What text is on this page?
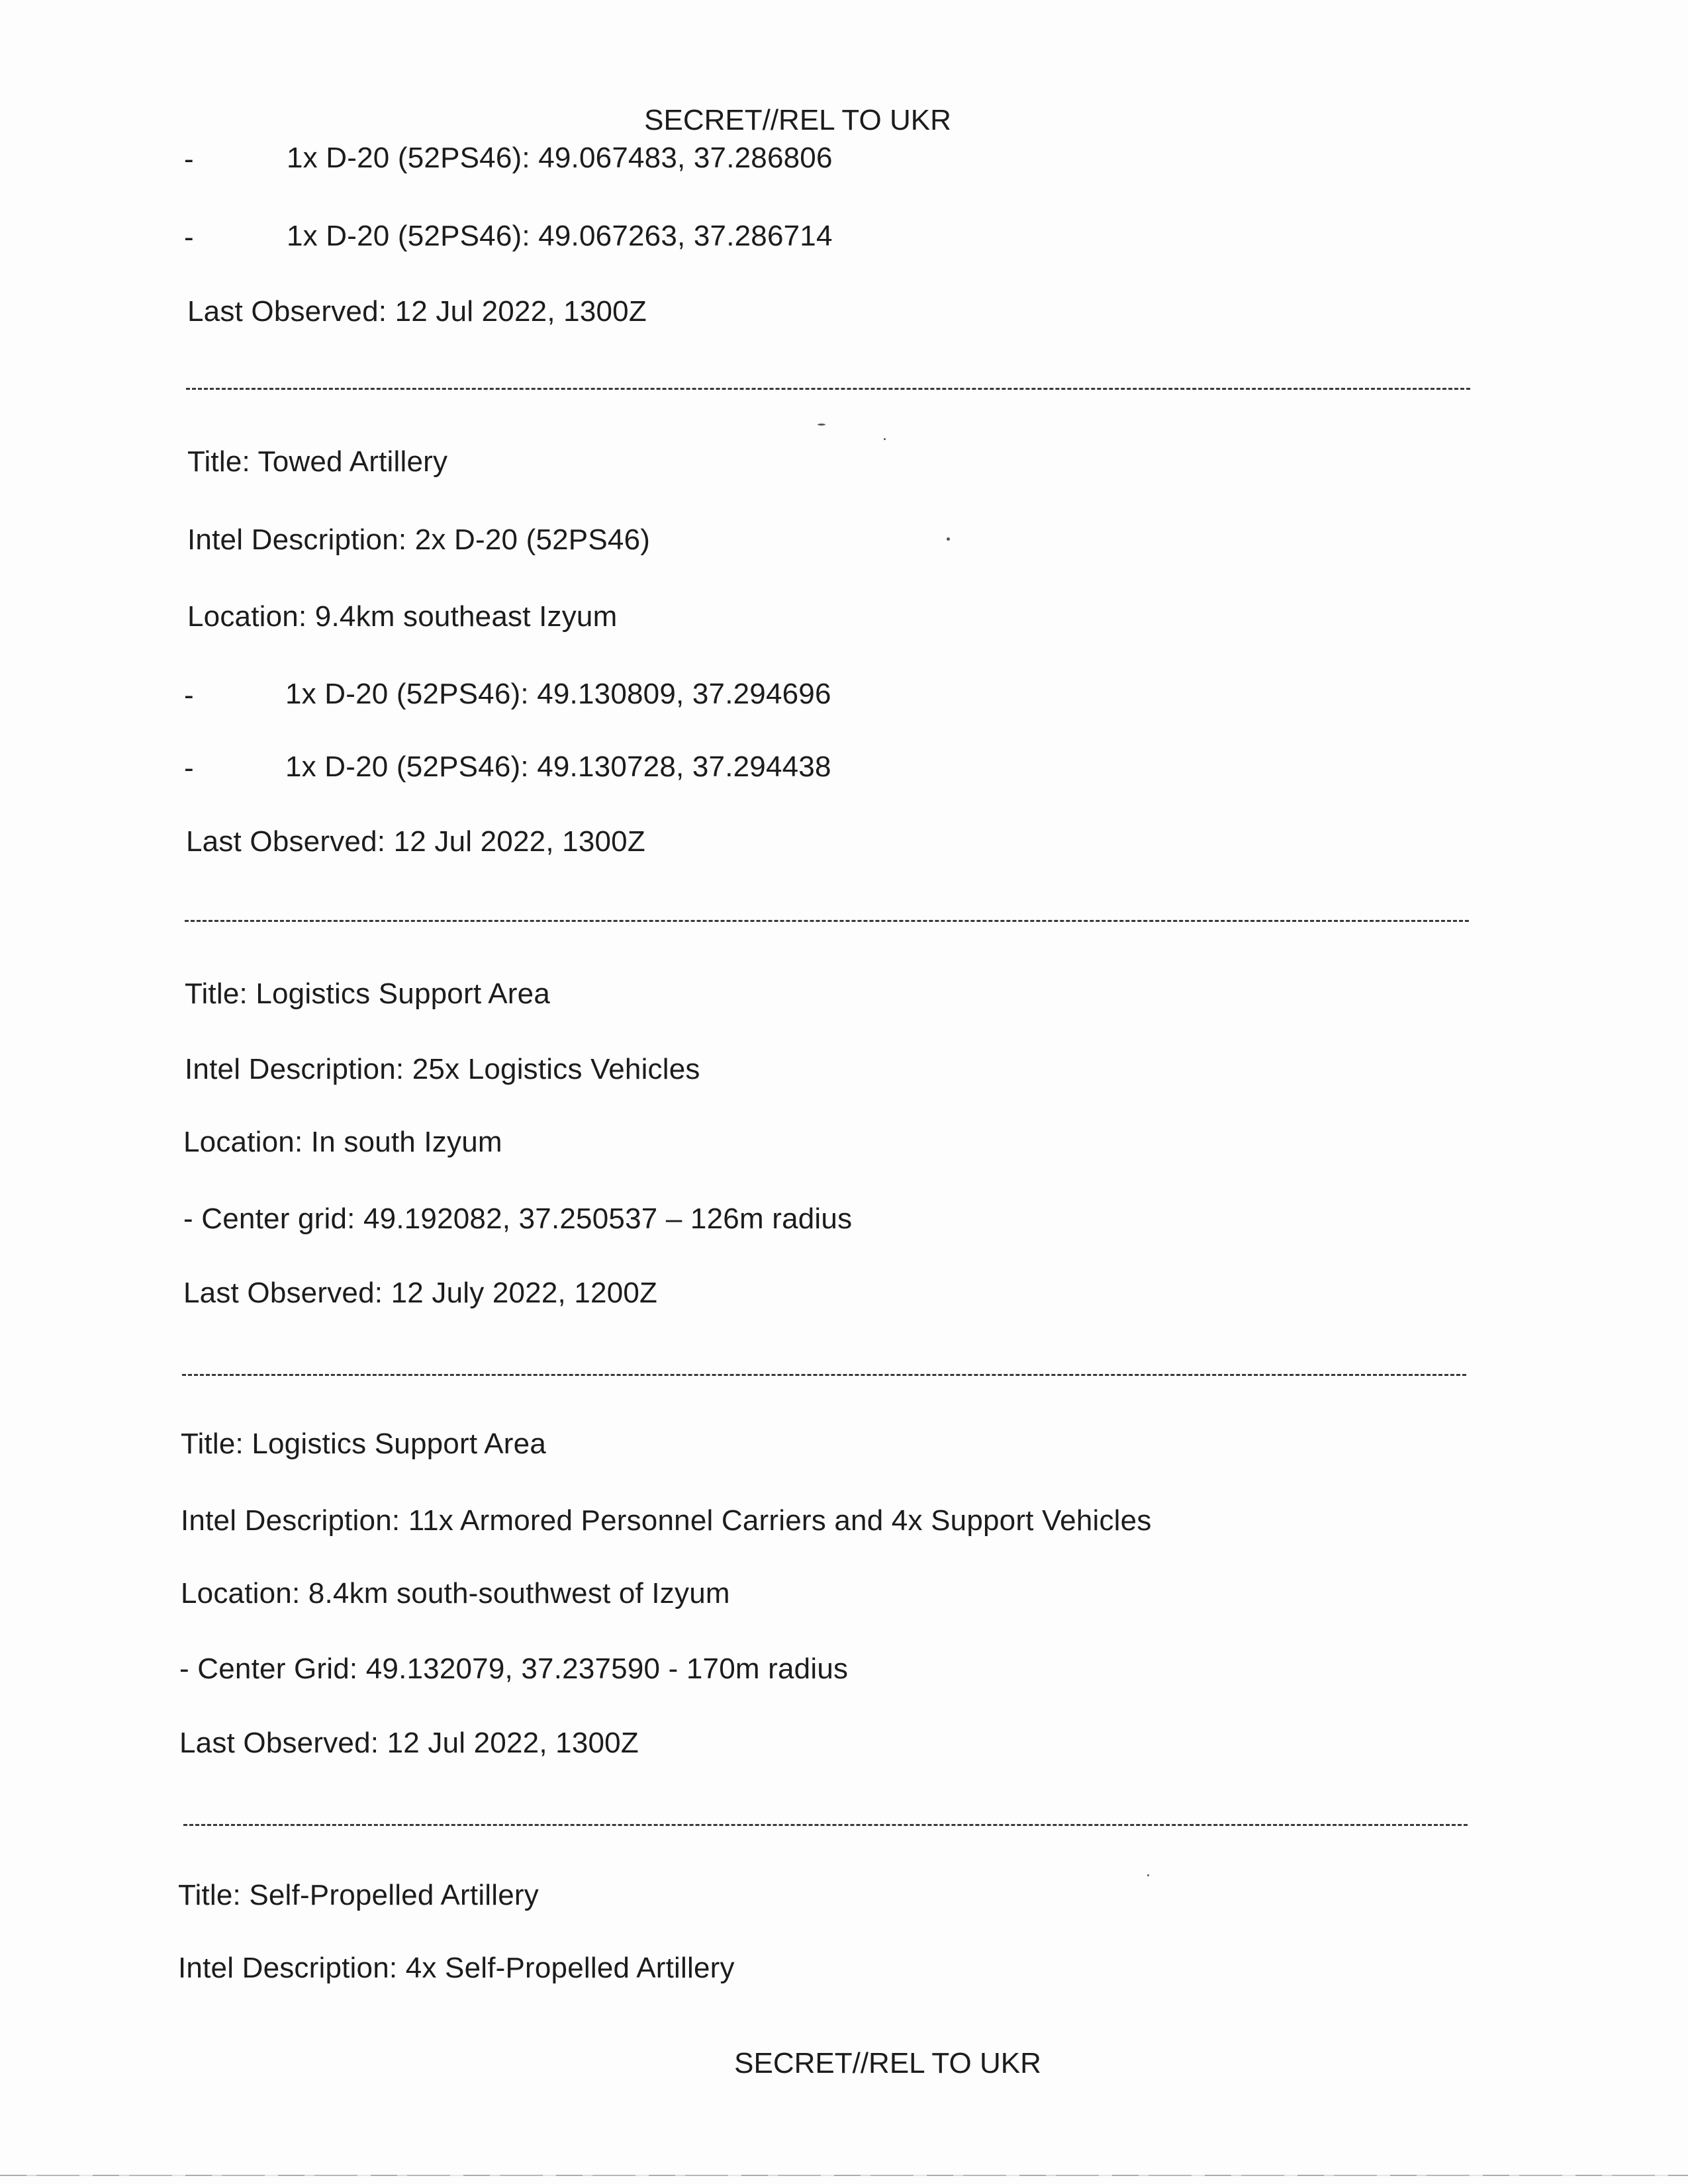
SECRET//REL TO UKR
-	1x D-20 (52PS46): 49.067483, 37.286806
-	1x D-20 (52PS46): 49.067263, 37.286714
Last Observed: 12 Jul 2022, 1300Z
Title: Towed Artillery
Intel Description: 2x D-20 (52PS46)
Location: 9.4km southeast Izyum
-	1x D-20 (52PS46): 49.130809, 37.294696
-	1x D-20 (52PS46): 49.130728, 37.294438
Last Observed: 12 Jul 2022, 1300Z
Title: Logistics Support Area
Intel Description: 25x Logistics Vehicles
Location: In south Izyum
- Center grid: 49.192082, 37.250537 – 126m radius
Last Observed: 12 July 2022, 1200Z
Title: Logistics Support Area
Intel Description: 11x Armored Personnel Carriers and 4x Support Vehicles
Location: 8.4km south-southwest of Izyum
- Center Grid: 49.132079, 37.237590 - 170m radius
Last Observed: 12 Jul 2022, 1300Z
Title: Self-Propelled Artillery
Intel Description: 4x Self-Propelled Artillery
SECRET//REL TO UKR
